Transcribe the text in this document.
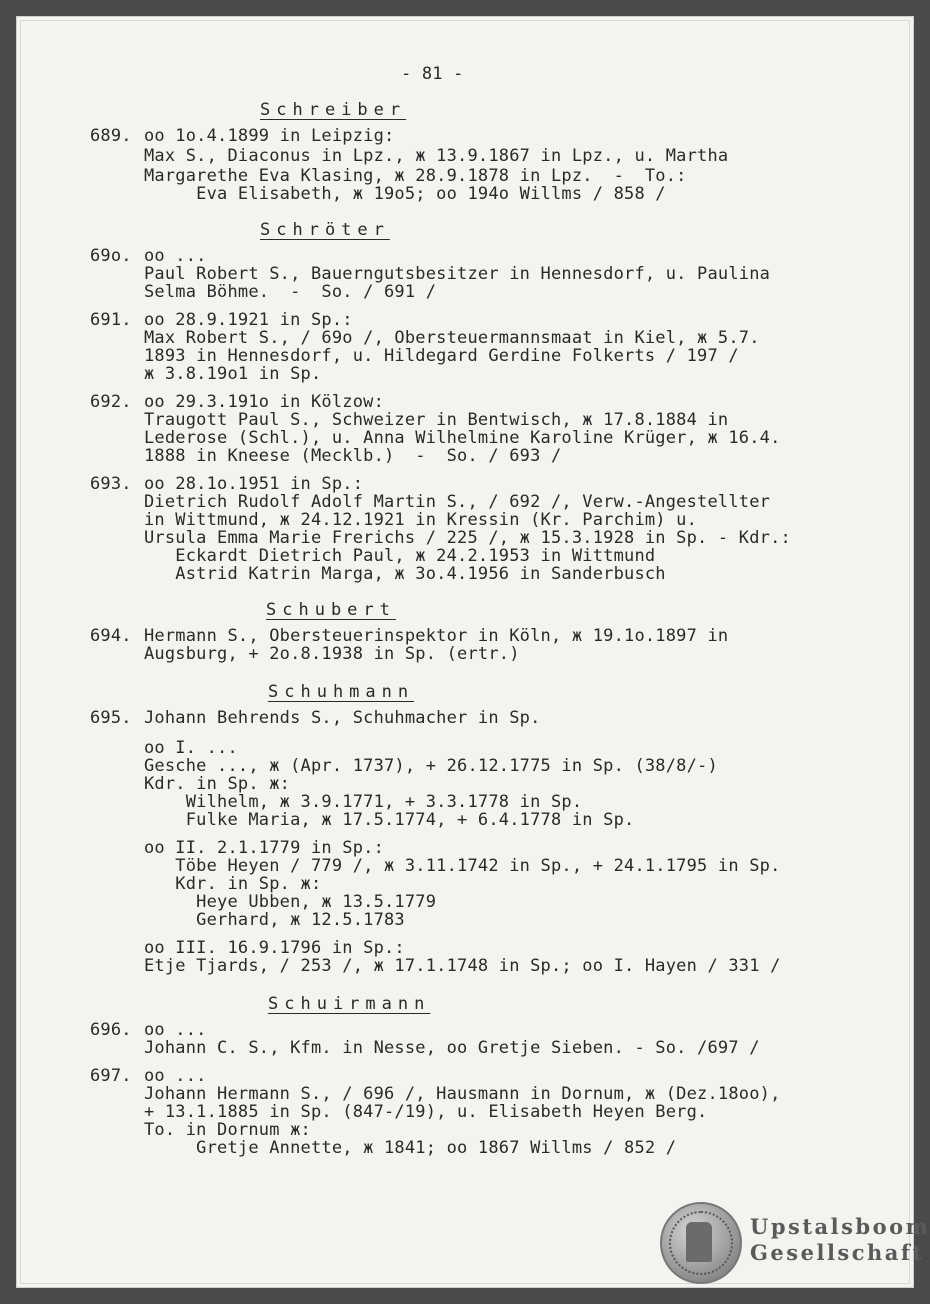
- 81 -
Schreiber
689. oo 1o.4.1899 in Leipzig:
Max S., Diaconus in Lpz., ж 13.9.1867 in Lpz., u. Martha
Margarethe Eva Klasing, ж 28.9.1878 in Lpz.  -  To.:
Eva Elisabeth, ж 19o5; oo 194o Willms / 858 /
Schröter
69o. oo ...
Paul Robert S., Bauerngutsbesitzer in Hennesdorf, u. Paulina
Selma Böhme.  -  So. / 691 /
691. oo 28.9.1921 in Sp.:
Max Robert S., / 69o /, Obersteuermannsmaat in Kiel, ж 5.7.
1893 in Hennesdorf, u. Hildegard Gerdine Folkerts / 197 /
ж 3.8.19o1 in Sp.
692. oo 29.3.191o in Kölzow:
Traugott Paul S., Schweizer in Bentwisch, ж 17.8.1884 in
Lederose (Schl.), u. Anna Wilhelmine Karoline Krüger, ж 16.4.
1888 in Kneese (Mecklb.)  -  So. / 693 /
693. oo 28.1o.1951 in Sp.:
Dietrich Rudolf Adolf Martin S., / 692 /, Verw.-Angestellter
in Wittmund, ж 24.12.1921 in Kressin (Kr. Parchim) u.
Ursula Emma Marie Frerichs / 225 /, ж 15.3.1928 in Sp. - Kdr.:
Eckardt Dietrich Paul, ж 24.2.1953 in Wittmund
Astrid Katrin Marga, ж 3o.4.1956 in Sanderbusch
Schubert
694. Hermann S., Obersteuerinspektor in Köln, ж 19.1o.1897 in
Augsburg, + 2o.8.1938 in Sp. (ertr.)
Schuhmann
695. Johann Behrends S., Schuhmacher in Sp.
oo I. ...
Gesche ..., ж (Apr. 1737), + 26.12.1775 in Sp. (38/8/-)
Kdr. in Sp. ж:
Wilhelm, ж 3.9.1771, + 3.3.1778 in Sp.
Fulke Maria, ж 17.5.1774, + 6.4.1778 in Sp.
oo II. 2.1.1779 in Sp.:
Töbe Heyen / 779 /, ж 3.11.1742 in Sp., + 24.1.1795 in Sp.
Kdr. in Sp. ж:
Heye Ubben, ж 13.5.1779
Gerhard, ж 12.5.1783
oo III. 16.9.1796 in Sp.:
Etje Tjards, / 253 /, ж 17.1.1748 in Sp.; oo I. Hayen / 331 /
Schuirmann
696. oo ...
Johann C. S., Kfm. in Nesse, oo Gretje Sieben. - So. /697 /
697. oo ...
Johann Hermann S., / 696 /, Hausmann in Dornum, ж (Dez.18oo),
+ 13.1.1885 in Sp. (847-/19), u. Elisabeth Heyen Berg.
To. in Dornum ж:
Gretje Annette, ж 1841; oo 1867 Willms / 852 /
Upstalsboom
Gesellschaft
